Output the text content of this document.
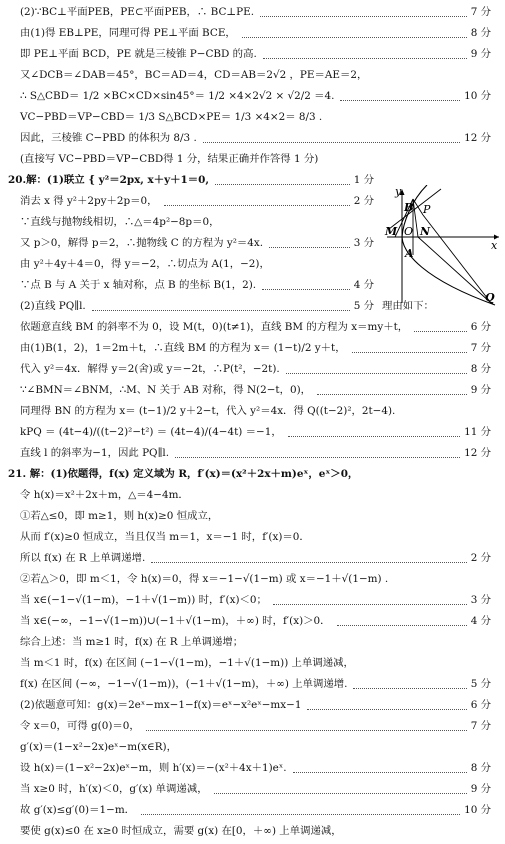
(2)∵BC⊥平面PEB，PE⊂平面PEB，∴ BC⊥PE.	7 分
由(1)得 EB⊥PE，同理可得 PE⊥平面 BCE，	8 分
即 PE⊥平面 BCD，PE 就是三棱锥 P−CBD 的高.	9 分
又∠DCB＝∠DAB＝45°，BC＝AD＝4，CD＝AB＝2√2 ，PE＝AE＝2，
∴ S△CBD＝ 1/2 ×BC×CD×sin45°＝ 1/2 ×4×2√2 × √2/2 ＝4.	10 分
VC−PBD＝VP−CBD＝ 1/3 S△BCD×PE＝ 1/3 ×4×2＝ 8/3 .
因此，三棱锥 C−PBD 的体积为 8/3 .	12 分
(直接写 VC−PBD＝VP−CBD得 1 分，结果正确并作答得 1 分)
20.解：(1)联立 { y²＝2px, x＋y＋1＝0,	1 分
消去 x 得 y²＋2py＋2p＝0，	2 分
∵直线与抛物线相切，∴△＝4p²−8p＝0，
又 p＞0，解得 p＝2，∴抛物线 C 的方程为 y²＝4x.	3 分
由 y²＋4y＋4＝0，得 y＝−2，∴切点为 A(1，−2)，
∵点 B 与 A 关于 x 轴对称，点 B 的坐标 B(1，2).	4 分
(2)直线 PQ∥l.	理由如下：
5 分
依题意直线 BM 的斜率不为 0，设 M(t，0)(t≠1)，直线 BM 的方程为 x＝my＋t，	6 分
由(1)B(1，2)，1＝2m＋t，∴直线 BM 的方程为 x＝ (1−t)/2 y＋t，	7 分
代入 y²＝4x．解得 y＝2(舍)或 y＝−2t，∴P(t²，−2t).	8 分
∵∠BMN＝∠BNM，∴M、N 关于 AB 对称，得 N(2−t，0)，	9 分
同理得 BN 的方程为 x＝ (t−1)/2 y＋2−t，代入 y²＝4x．得 Q((t−2)²，2t−4).
kPQ ＝ (4t−4)/((t−2)²−t²) ＝ (4t−4)/(4−4t) ＝−1，	11 分
直线 l 的斜率为−1，因此 PQ∥l.	12 分
21. 解：(1)依题得，f(x) 定义域为 R，f′(x)＝(x²＋2x＋m)eˣ，eˣ＞0，
令 h(x)＝x²＋2x＋m，△＝4−4m．
①若△≤0，即 m≥1，则 h(x)≥0 恒成立，
从而 f′(x)≥0 恒成立，当且仅当 m＝1，x＝−1 时，f′(x)＝0．
所以 f(x) 在 R 上单调递增.	2 分
②若△＞0，即 m＜1，令 h(x)＝0，得 x＝−1−√(1−m) 或 x＝−1＋√(1−m) .
当 x∈(−1−√(1−m)，−1＋√(1−m)) 时，f′(x)＜0；	3 分
当 x∈(−∞，−1−√(1−m))∪(−1＋√(1−m)，＋∞) 时，f′(x)＞0．	4 分
综合上述：当 m≥1 时，f(x) 在 R 上单调递增；
当 m＜1 时，f(x) 在区间 (−1−√(1−m)，−1＋√(1−m)) 上单调递减，
f(x) 在区间 (−∞，−1−√(1−m))，(−1＋√(1−m)，＋∞) 上单调递增.	5 分
(2)依题意可知：g(x)＝2eˣ−mx−1−f(x)＝eˣ−x²eˣ−mx−1	6 分
令 x＝0，可得 g(0)＝0，	7 分
g′(x)＝(1−x²−2x)eˣ−m(x∈R)，
设 h(x)＝(1−x²−2x)eˣ−m，则 h′(x)＝−(x²＋4x＋1)eˣ.	8 分
当 x≥0 时，h′(x)＜0，g′(x) 单调递减，	9 分
故 g′(x)≤g′(0)＝1−m．	10 分
要使 g(x)≤0 在 x≥0 时恒成立，需要 g(x) 在[0，＋∞) 上单调递减，
y
x
P
B
M O N
A
Q
